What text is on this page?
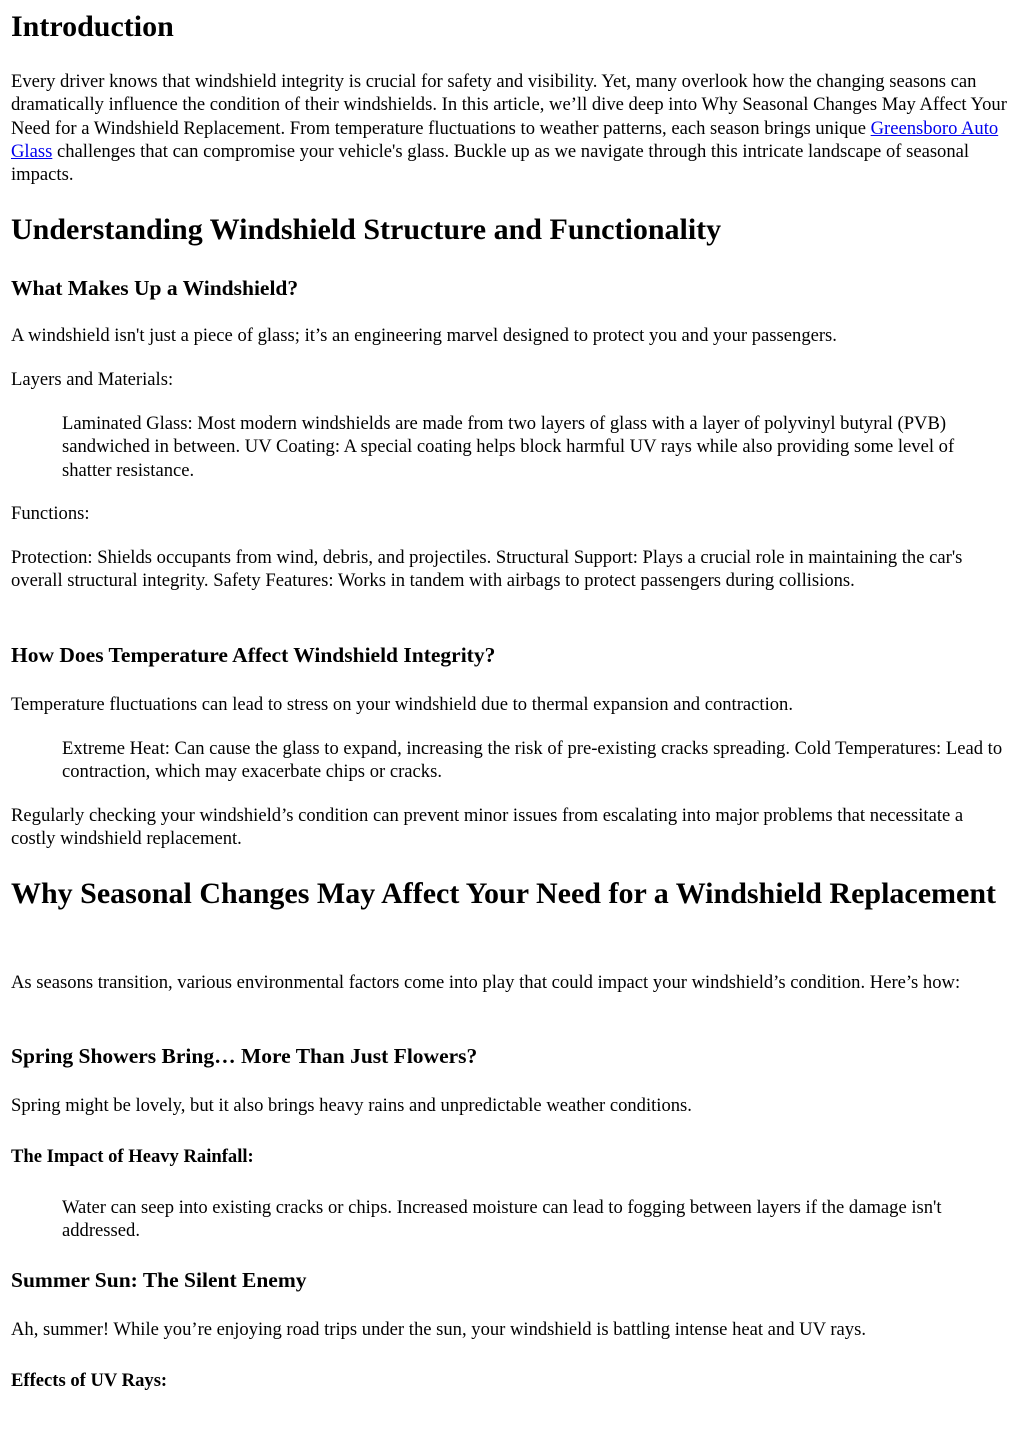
Introduction

Every driver knows that windshield integrity is crucial for safety and visibility. Yet, many overlook how the changing seasons can dramatically influence the condition of their windshields. In this article, we’ll dive deep into Why Seasonal Changes May Affect Your Need for a Windshield Replacement. From temperature fluctuations to weather patterns, each season brings unique Greensboro Auto Glass challenges that can compromise your vehicle's glass. Buckle up as we navigate through this intricate landscape of seasonal impacts.

Understanding Windshield Structure and Functionality
What Makes Up a Windshield?

A windshield isn't just a piece of glass; it’s an engineering marvel designed to protect you and your passengers.

Layers and Materials:

Laminated Glass: Most modern windshields are made from two layers of glass with a layer of polyvinyl butyral (PVB) sandwiched in between. UV Coating: A special coating helps block harmful UV rays while also providing some level of shatter resistance.

Functions:

Protection: Shields occupants from wind, debris, and projectiles. Structural Support: Plays a crucial role in maintaining the car's overall structural integrity. Safety Features: Works in tandem with airbags to protect passengers during collisions.

How Does Temperature Affect Windshield Integrity?

Temperature fluctuations can lead to stress on your windshield due to thermal expansion and contraction.

Extreme Heat: Can cause the glass to expand, increasing the risk of pre-existing cracks spreading. Cold Temperatures: Lead to contraction, which may exacerbate chips or cracks.

Regularly checking your windshield’s condition can prevent minor issues from escalating into major problems that necessitate a costly windshield replacement.

Why Seasonal Changes May Affect Your Need for a Windshield Replacement

As seasons transition, various environmental factors come into play that could impact your windshield’s condition. Here’s how:

Spring Showers Bring… More Than Just Flowers?

Spring might be lovely, but it also brings heavy rains and unpredictable weather conditions.

The Impact of Heavy Rainfall:

Water can seep into existing cracks or chips. Increased moisture can lead to fogging between layers if the damage isn't addressed.

Summer Sun: The Silent Enemy

Ah, summer! While you’re enjoying road trips under the sun, your windshield is battling intense heat and UV rays.

Effects of UV Rays:
